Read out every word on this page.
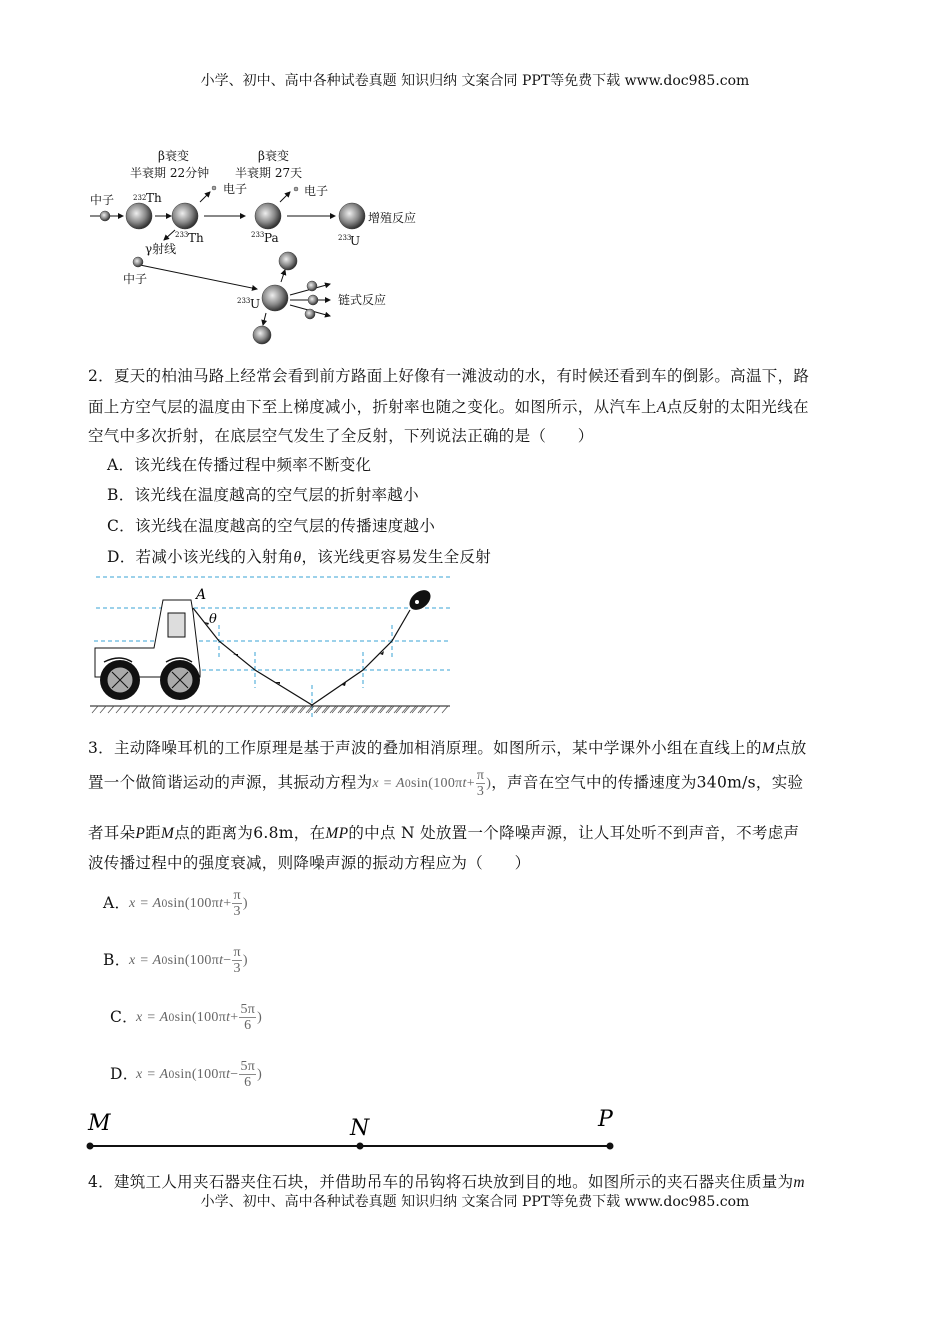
小学、初中、高中各种试卷真题 知识归纳 文案合同 PPT等免费下载 www.doc985.com
β衰变
半衰期 22分钟
β衰变
半衰期 27天
中子
电子	电子
232 Th
233 Th	233 Pa	233
U
增殖反应
γ射线
中子
233 U	链式反应
2．夏天的柏油马路上经常会看到前方路面上好像有一滩波动的水，有时候还看到车的倒影。高温下，路
面上方空气层的温度由下至上梯度减小，折射率也随之变化。如图所示，从汽车上A点反射的太阳光线在
空气中多次折射，在底层空气发生了全反射，下列说法正确的是（　　）
A．该光线在传播过程中频率不断变化
B．该光线在温度越高的空气层的折射率越小
C．该光线在温度越高的空气层的传播速度越小
D．若减小该光线的入射角θ，该光线更容易发生全反射
A
θ
3．主动降噪耳机的工作原理是基于声波的叠加相消原理。如图所示，某中学课外小组在直线上的M点放
置一个做简谐运动的声源，其振动方程为 x = A 0 sin(100π $t + \frac{\pi}{3}$ ) ，声音在空气中的传播速度为340m/s，实验
者耳朵P距M点的距离为6.8m，在MP的中点 N 处放置一个降噪声源，让人耳处听不到声音，不考虑声
波传播过程中的强度衰减，则降噪声源的振动方程应为（　　）
A．
x = A 0 sin(100π $t + \frac{\pi}{3}$ )
B．
x = A 0 sin(100π $t - \frac{\pi}{3}$ )
C．
x = A 0 sin(100π $t + \frac{5\pi}{6}$ )
D．
x = A 0 sin(100π $t - \frac{5\pi}{6}$ )
M	N	P
4．建筑工人用夹石器夹住石块，并借助吊车的吊钩将石块放到目的地。如图所示的夹石器夹住质量为m
小学、初中、高中各种试卷真题 知识归纳 文案合同 PPT等免费下载 www.doc985.com
